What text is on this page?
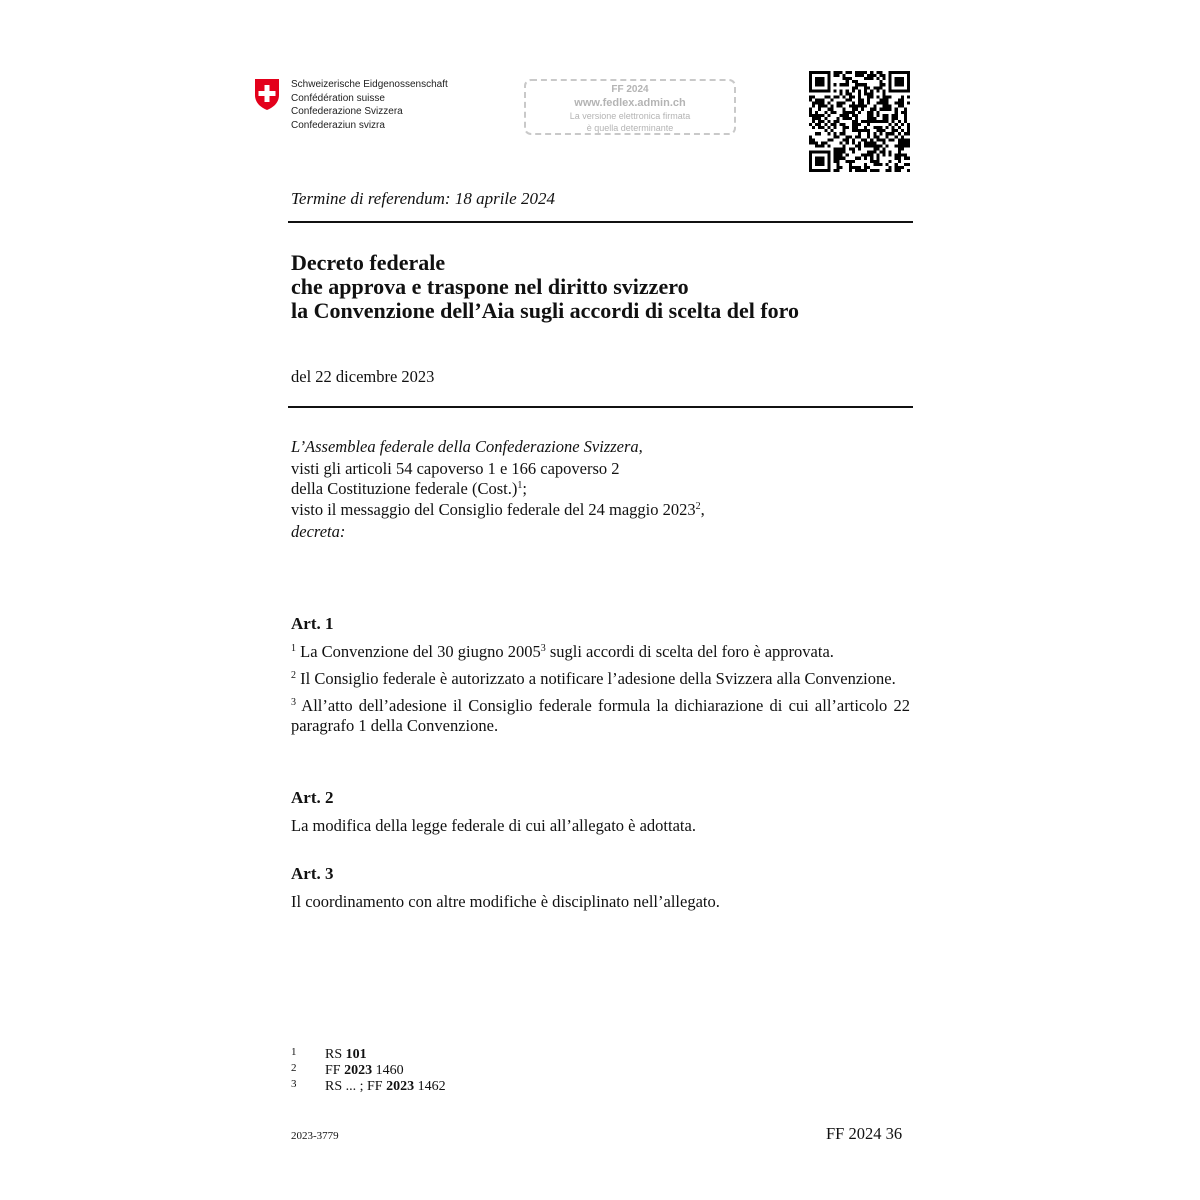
Schweizerische Eidgenossenschaft
Confédération suisse
Confederazione Svizzera
Confederaziun svizra
FF 2024
www.fedlex.admin.ch
La versione elettronica firmata
è quella determinante
Termine di referendum: 18 aprile 2024
Decreto federale
che approva e traspone nel diritto svizzero
la Convenzione dell’Aia sugli accordi di scelta del foro
del 22 dicembre 2023
L’Assemblea federale della Confederazione Svizzera,
visti gli articoli 54 capoverso 1 e 166 capoverso 2
della Costituzione federale (Cost.)$^1$;
visto il messaggio del Consiglio federale del 24 maggio 2023$^2$,
decreta:
Art. 1
$^1$ La Convenzione del 30 giugno 2005$^3$ sugli accordi di scelta del foro è approvata.
$^2$ Il Consiglio federale è autorizzato a notificare l’adesione della Svizzera alla Convenzione.
$^3$ All’atto dell’adesione il Consiglio federale formula la dichiarazione di cui all’articolo 22 paragrafo 1 della Convenzione.
Art. 2
La modifica della legge federale di cui all’allegato è adottata.
Art. 3
Il coordinamento con altre modifiche è disciplinato nell’allegato.
1	RS 101
2	FF 2023 1460
3	RS ... ; FF 2023 1462
2023-3779	FF 2024 36
